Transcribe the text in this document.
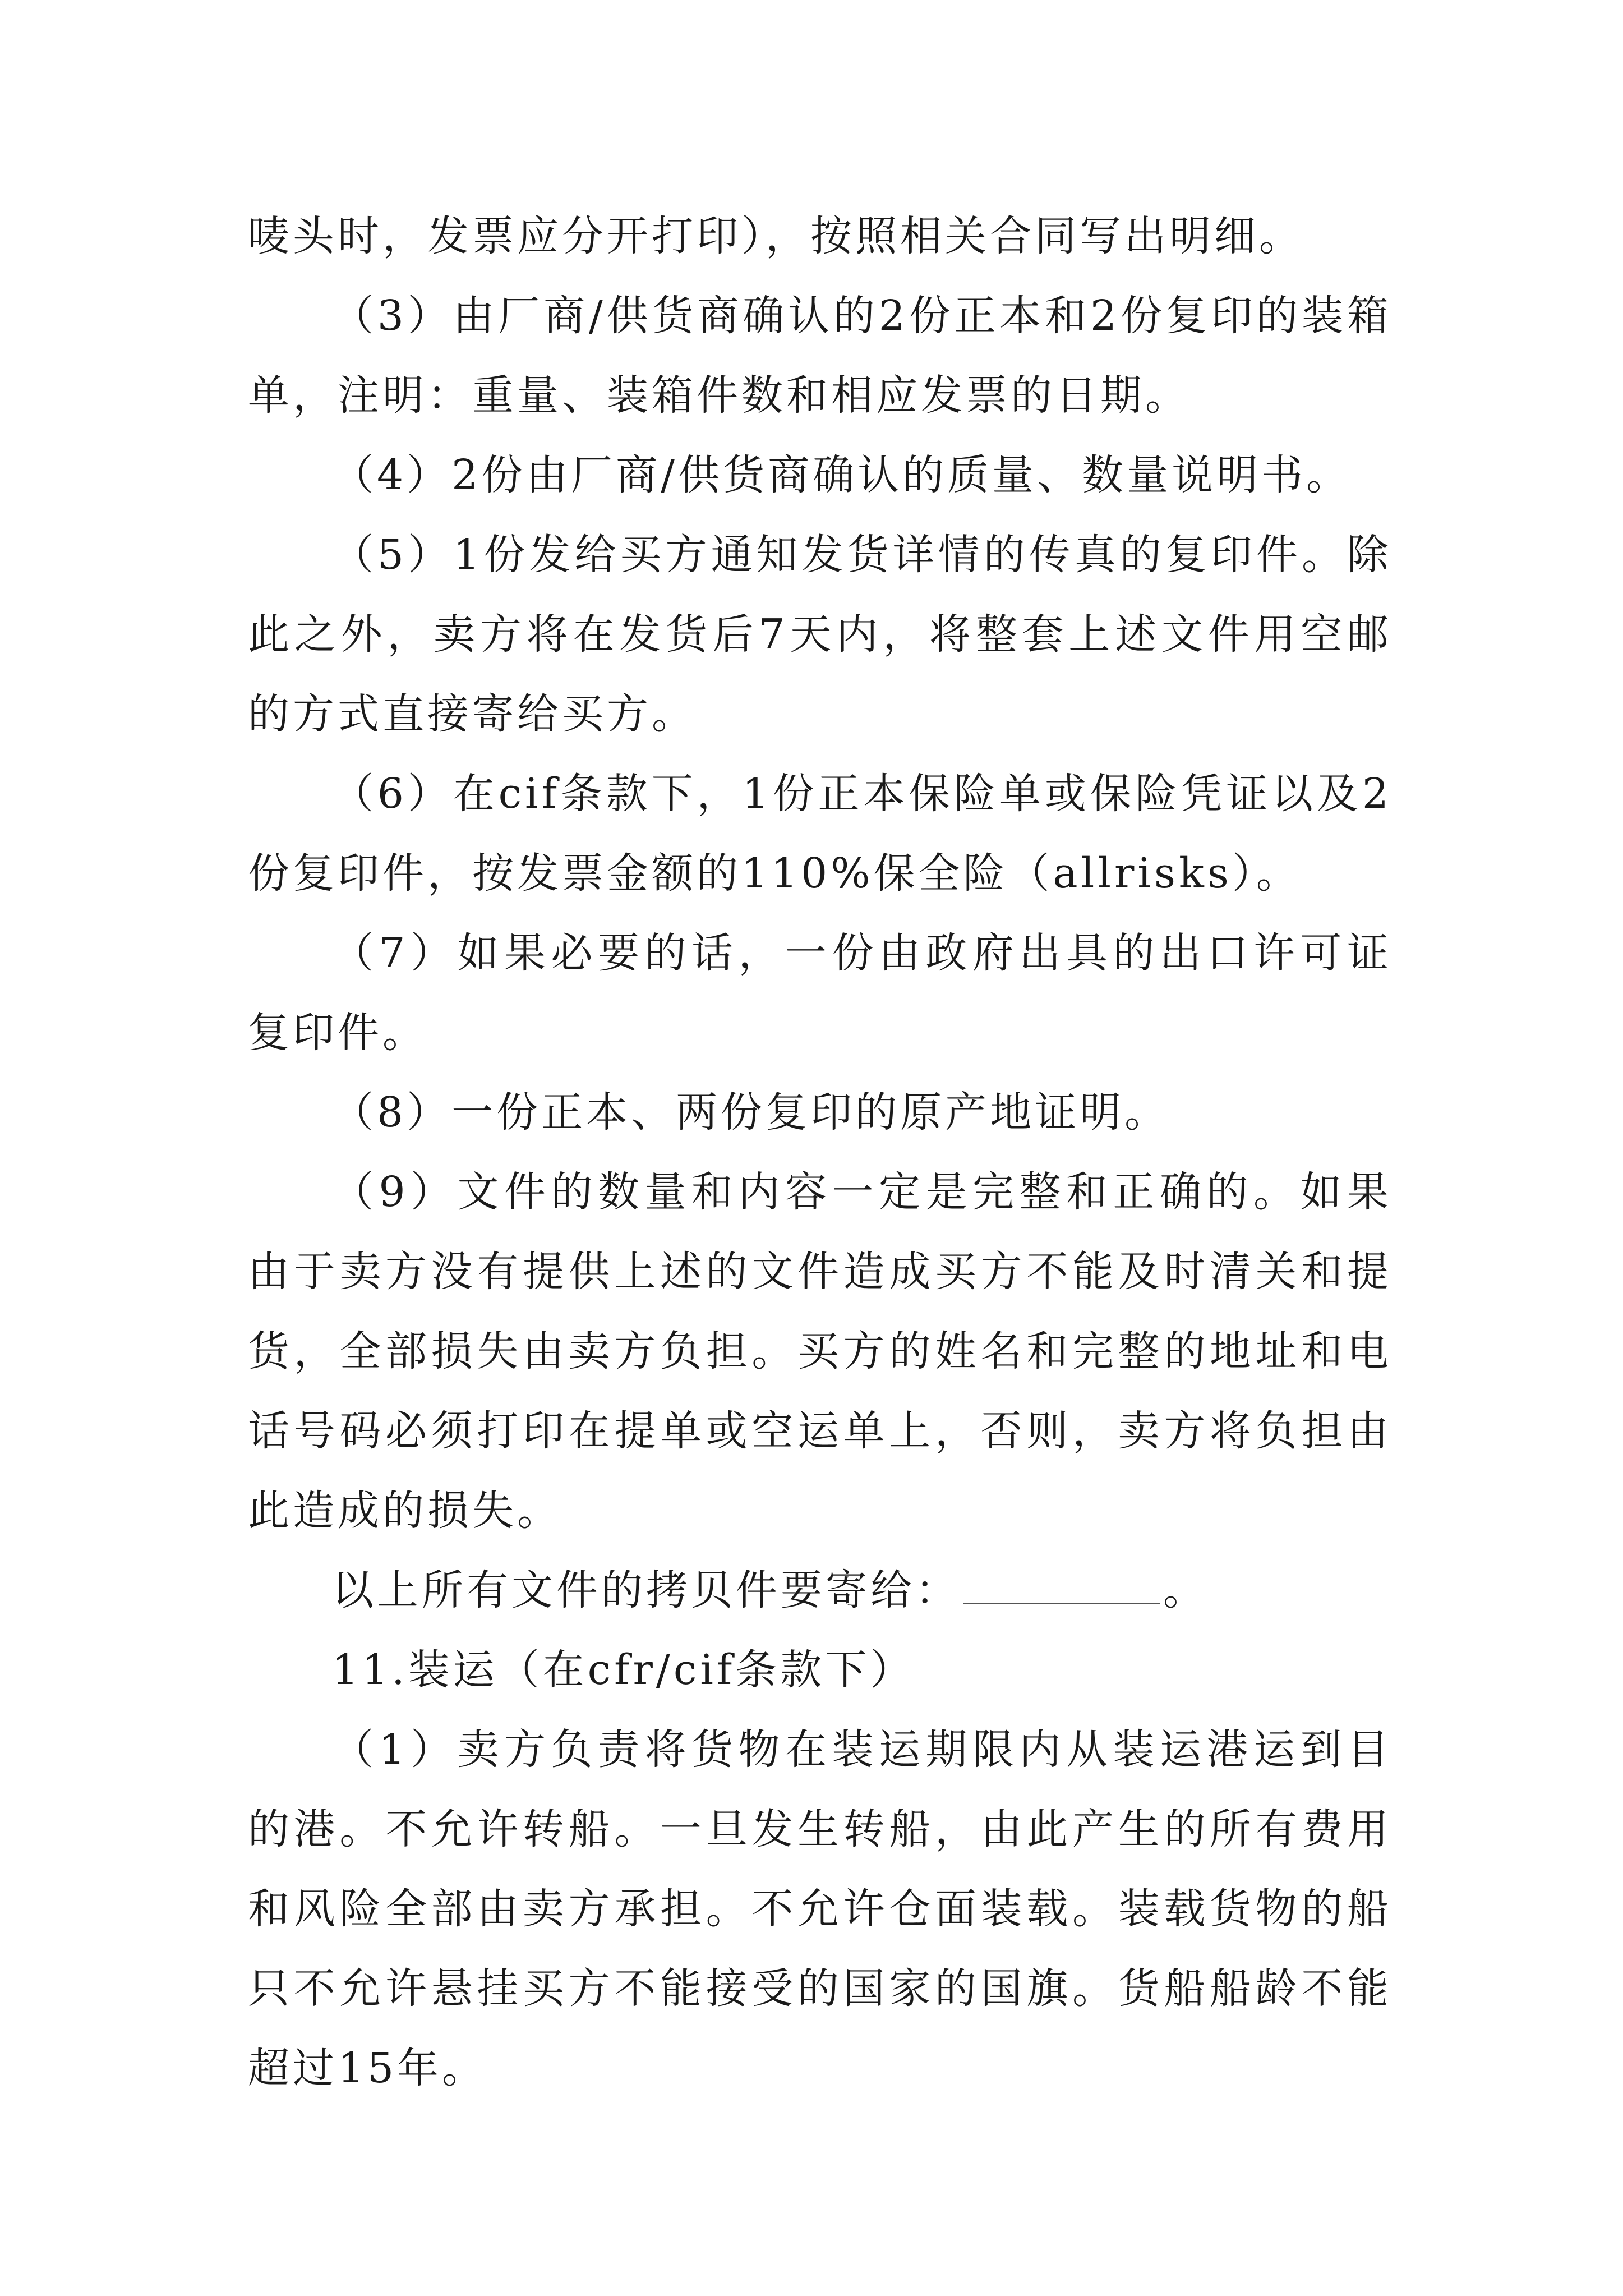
唛头时，发票应分开打印），按照相关合同写出明细。

（3）由厂商/供货商确认的2份正本和2份复印的装箱单，注明：重量、装箱件数和相应发票的日期。

（4）2份由厂商/供货商确认的质量、数量说明书。

（5）1份发给买方通知发货详情的传真的复印件。除此之外，卖方将在发货后7天内，将整套上述文件用空邮的方式直接寄给买方。

（6）在cif条款下，1份正本保险单或保险凭证以及2份复印件，按发票金额的110%保全险（allrisks）。

（7）如果必要的话，一份由政府出具的出口许可证复印件。

（8）一份正本、两份复印的原产地证明。

（9）文件的数量和内容一定是完整和正确的。如果由于卖方没有提供上述的文件造成买方不能及时清关和提货，全部损失由卖方负担。买方的姓名和完整的地址和电话号码必须打印在提单或空运单上，否则，卖方将负担由此造成的损失。

以上所有文件的拷贝件要寄给：	。

11.装运（在cfr/cif条款下）

（1）卖方负责将货物在装运期限内从装运港运到目的港。不允许转船。一旦发生转船，由此产生的所有费用和风险全部由卖方承担。不允许仓面装载。装载货物的船只不允许悬挂买方不能接受的国家的国旗。货船船龄不能超过15年。
